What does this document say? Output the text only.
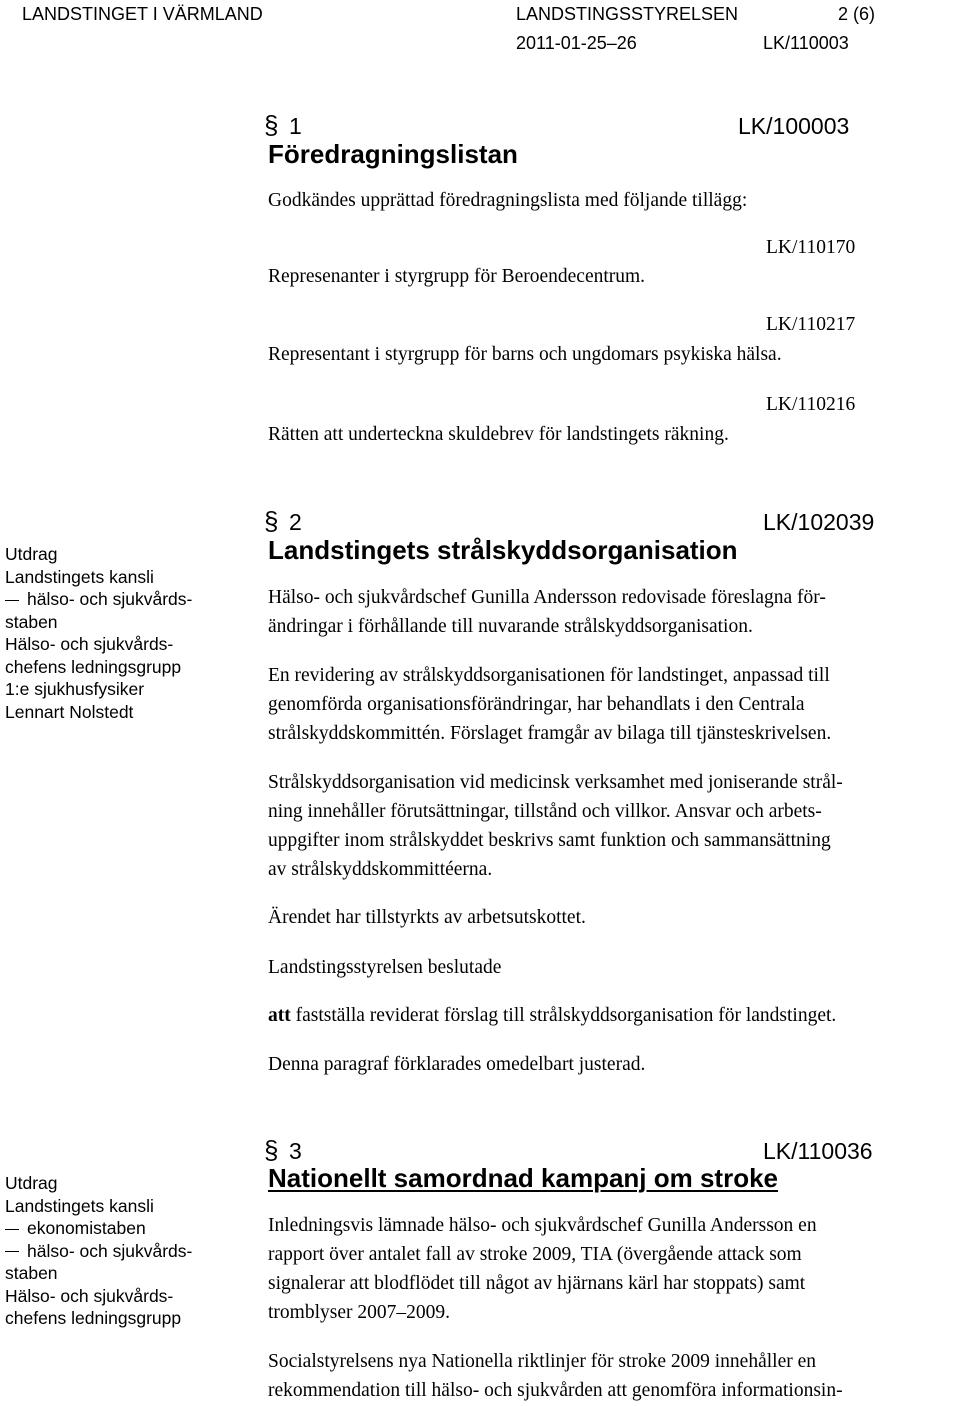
LANDSTINGET I VÄRMLAND	LANDSTINGSSTYRELSEN	2 (6)
2011-01-25–26	LK/110003
§ 1	LK/100003
Föredragningslistan
Godkändes upprättad föredragningslista med följande tillägg:
LK/110170
Represenanter i styrgrupp för Beroendecentrum.
LK/110217
Representant i styrgrupp för barns och ungdomars psykiska hälsa.
LK/110216
Rätten att underteckna skuldebrev för landstingets räkning.
Utdrag
Landstingets kansli
hälso- och sjukvårds-
staben
Hälso- och sjukvårds-
chefens ledningsgrupp
1:e sjukhusfysiker
Lennart Nolstedt
§ 2	LK/102039
Landstingets strålskyddsorganisation
Hälso- och sjukvårdschef Gunilla Andersson redovisade föreslagna för-
ändringar i förhållande till nuvarande strålskyddsorganisation.
En revidering av strålskyddsorganisationen för landstinget, anpassad till
genomförda organisationsförändringar, har behandlats i den Centrala
strålskyddskommittén. Förslaget framgår av bilaga till tjänsteskrivelsen.
Strålskyddsorganisation vid medicinsk verksamhet med joniserande strål-
ning innehåller förutsättningar, tillstånd och villkor. Ansvar och arbets-
uppgifter inom strålskyddet beskrivs samt funktion och sammansättning
av strålskyddskommittéerna.
Ärendet har tillstyrkts av arbetsutskottet.
Landstingsstyrelsen beslutade
att fastställa reviderat förslag till strålskyddsorganisation för landstinget.
Denna paragraf förklarades omedelbart justerad.
Utdrag
Landstingets kansli
ekonomistaben
hälso- och sjukvårds-
staben
Hälso- och sjukvårds-
chefens ledningsgrupp
§ 3	LK/110036
Nationellt samordnad kampanj om stroke
Inledningsvis lämnade hälso- och sjukvårdschef Gunilla Andersson en
rapport över antalet fall av stroke 2009, TIA (övergående attack som
signalerar att blodflödet till något av hjärnans kärl har stoppats) samt
tromblyser 2007–2009.
Socialstyrelsens nya Nationella riktlinjer för stroke 2009 innehåller en
rekommendation till hälso- och sjukvården att genomföra informationsin-
